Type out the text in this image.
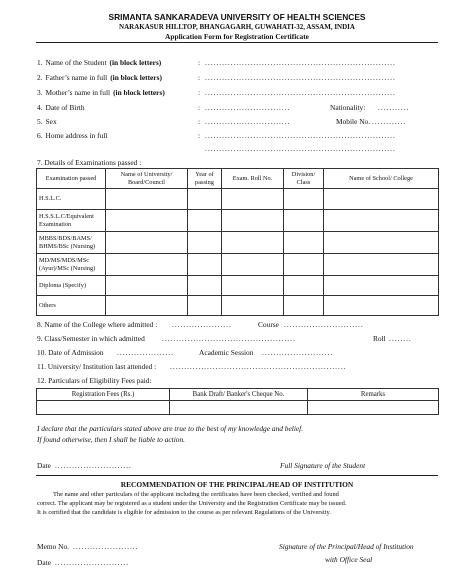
SRIMANTA SANKARADEVA UNIVERSITY OF HEALTH SCIENCES
NARAKASUR HILLTOP, BHANGAGARH, GUWAHATI-32, ASSAM, INDIA
Application Form for Registration Certificate
1. Name of the Student (in block letters)	: ...................................................................
2. Father’s name in full (in block letters)	: ...................................................................
3. Mother’s name in full (in block letters)	: ...................................................................
4. Date of Birth	: ..............................	Nationality: ...........
5. Sex	: ..............................	Mobile No. ............
6. Home address in full	: ...................................................................
...................................................................
7. Details of Examinations passed :
Examination passed	Name of University/ Board/Council	Year of passing	Exam. Roll No.	Division/ Class	Name of School/ College
H.S.L.C.					
H.S.S.L.C/Equivalent Examination					
MBBS/BDS/BAMS/ BHMS/BSc (Nursing)					
MD/MS/MDS/MSc (Ayur)/MSc (Nursing)					
Diploma (Specify)					
Others					
8. Name of the College where admitted : .....................	Course ............................
9. Class/Semester in which admitted ...............................................	Roll ........
10. Date of Admission ....................	Academic Session .........................
11. University/ Institution last attended : ..............................................................
12. Particulars of Eligibility Fees paid:
Registration Fees (Rs.)	Bank Draft/ Banker's Cheque No.	Remarks

I declare that the particulars stated above are true to the best of my knowledge and belief.
If found otherwise, then I shall be liable to action.
Date ...........................	Full Signature of the Student
RECOMMENDATION OF THE PRINCIPAL/HEAD OF INSTITUTION
The name and other particulars of the applicant including the certificates have been checked, verified and found
correct. The applicant may be registered as a student under the University and the Registration Certificate may be issued.
It is certified that the candidate is eligible for admission to the course as per relevant Regulations of the University.
Memo No. .......................	Signature of the Principal/Head of Institution
Date ..........................	with Office Seal
